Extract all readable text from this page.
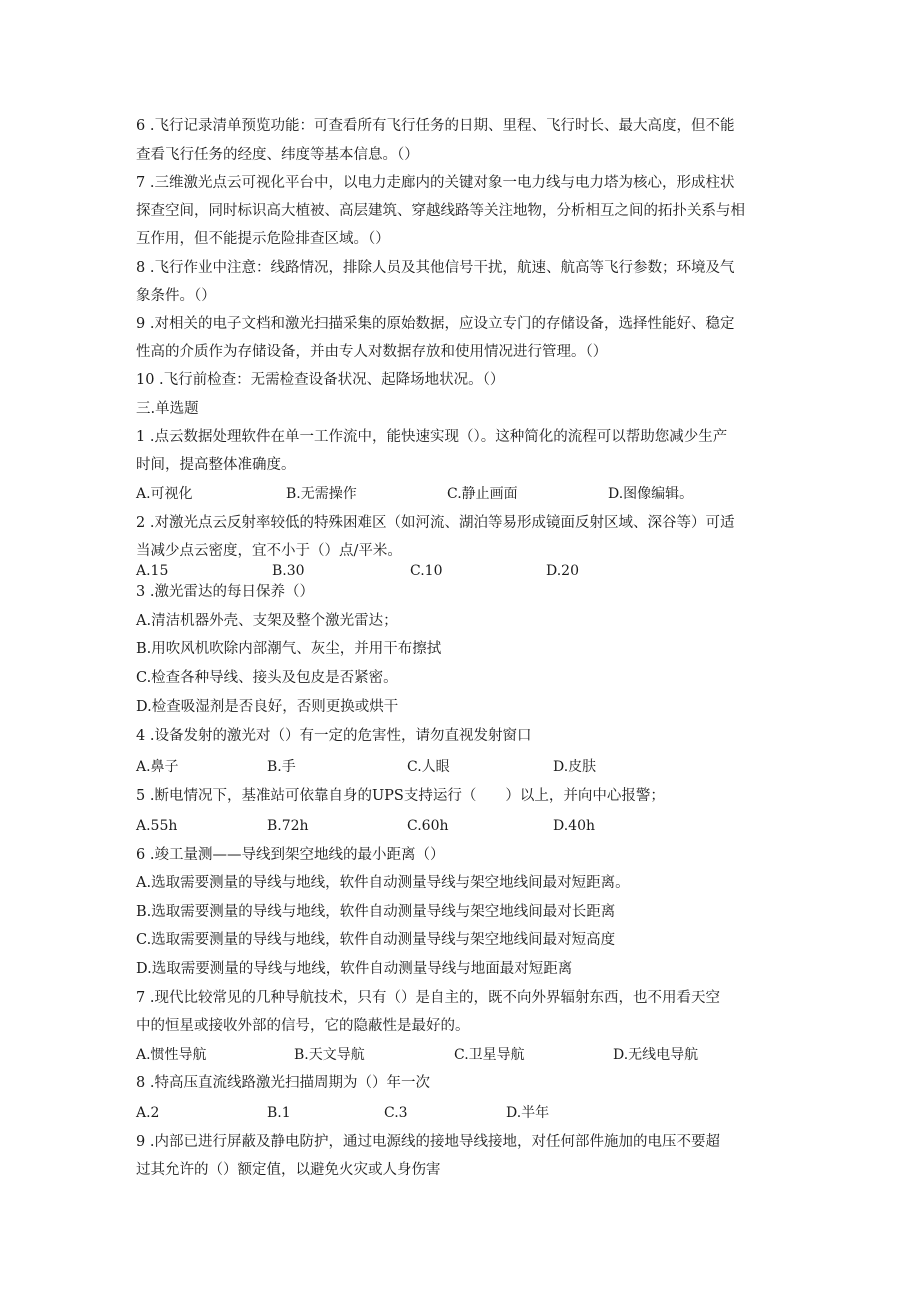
6 .飞行记录清单预览功能：可查看所有飞行任务的日期、里程、飞行时长、最大高度，但不能
查看飞行任务的经度、纬度等基本信息。（）
7 .三维激光点云可视化平台中，以电力走廊内的关键对象一电力线与电力塔为核心，形成柱状
探查空间，同时标识高大植被、高层建筑、穿越线路等关注地物，分析相互之间的拓扑关系与相
互作用，但不能提示危险排查区域。（）
8 .飞行作业中注意：线路情况，排除人员及其他信号干扰，航速、航高等飞行参数；环境及气
象条件。（）
9 .对相关的电子文档和激光扫描采集的原始数据，应设立专门的存储设备，选择性能好、稳定
性高的介质作为存储设备，并由专人对数据存放和使用情况进行管理。（）
10 .飞行前检查：无需检查设备状况、起降场地状况。（）
三.单选题
1 .点云数据处理软件在单一工作流中，能快速实现（）。这种简化的流程可以帮助您减少生产
时间，提高整体准确度。
A.可视化	B.无需操作	C.静止画面	D.图像编辑。
2 .对激光点云反射率较低的特殊困难区（如河流、湖泊等易形成镜面反射区域、深谷等）可适
当减少点云密度，宜不小于（）点/平米。
A.15	B.30	C.10	D.20
3 .激光雷达的每日保养（）
A.清洁机器外壳、支架及整个激光雷达；
B.用吹风机吹除内部潮气、灰尘，并用干布擦拭
C.检查各种导线、接头及包皮是否紧密。
D.检查吸湿剂是否良好，否则更换或烘干
4 .设备发射的激光对（）有一定的危害性，请勿直视发射窗口
A.鼻子	B.手	C.人眼	D.皮肤
5 .断电情况下，基准站可依靠自身的UPS支持运行（　　）以上，并向中心报警；
A.55h	B.72h	C.60h	D.40h
6 .竣工量测——导线到架空地线的最小距离（）
A.选取需要测量的导线与地线，软件自动测量导线与架空地线间最对短距离。
B.选取需要测量的导线与地线，软件自动测量导线与架空地线间最对长距离
C.选取需要测量的导线与地线，软件自动测量导线与架空地线间最对短高度
D.选取需要测量的导线与地线，软件自动测量导线与地面最对短距离
7 .现代比较常见的几种导航技术，只有（）是自主的，既不向外界辐射东西，也不用看天空
中的恒星或接收外部的信号，它的隐蔽性是最好的。
A.惯性导航	B.天文导航	C.卫星导航	D.无线电导航
8 .特高压直流线路激光扫描周期为（）年一次
A.2	B.1	C.3	D.半年
9 .内部已进行屏蔽及静电防护，通过电源线的接地导线接地，对任何部件施加的电压不要超
过其允许的（）额定值，以避免火灾或人身伤害
